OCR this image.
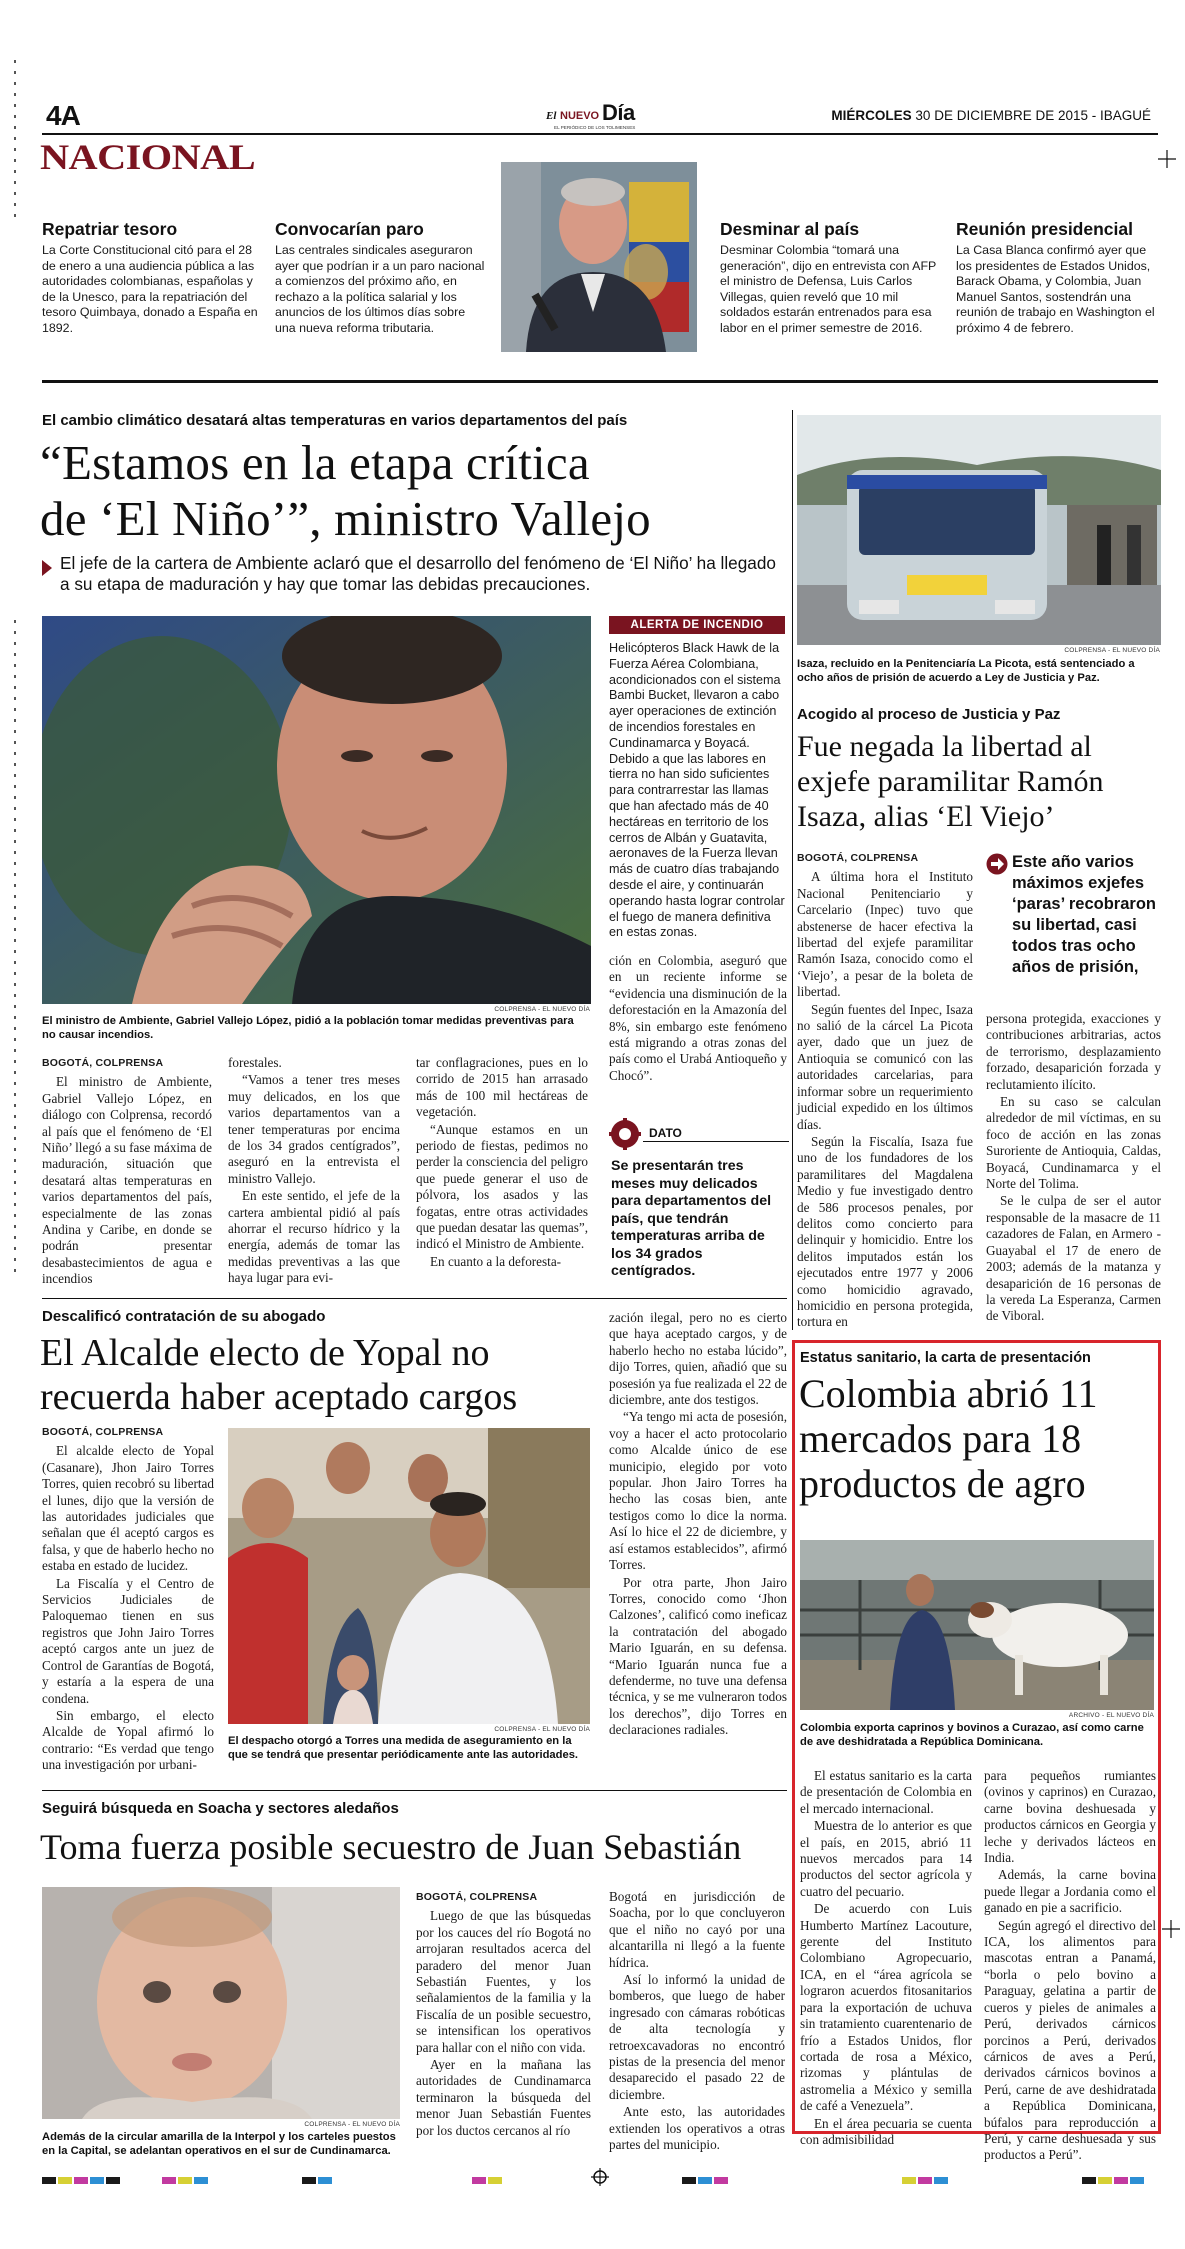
4A	El NUEVO Día
EL PERIÓDICO DE LOS TOLIMENSES
MIÉRCOLES 30 DE DICIEMBRE DE 2015 - IBAGUÉ
NACIONAL
Repatriar tesoro
La Corte Constitucional citó para el 28 de enero a una audiencia pública a las autoridades colombianas, españolas y de la Unesco, para la repatriación del tesoro Quimbaya, donado a España en 1892.
Convocarían paro
Las centrales sindicales aseguraron ayer que podrían ir a un paro nacional a comienzos del próximo año, en rechazo a la política salarial y los anuncios de los últimos días sobre una nueva reforma tributaria.
Desminar al país
Desminar Colombia “tomará una generación”, dijo en entrevista con AFP el ministro de Defensa, Luis Carlos Villegas, quien reveló que 10 mil soldados estarán entrenados para esa labor en el primer semestre de 2016.
Reunión presidencial
La Casa Blanca confirmó ayer que los presidentes de Estados Unidos, Barack Obama, y Colombia, Juan Manuel Santos, sostendrán una reunión de trabajo en Washington el próximo 4 de febrero.
El cambio climático desatará altas temperaturas en varios departamentos del país
“Estamos en la etapa crítica
de ‘El Niño’”, ministro Vallejo
El jefe de la cartera de Ambiente aclaró que el desarrollo del fenómeno de ‘El Niño’ ha llegado a su etapa de maduración y hay que tomar las debidas precauciones.
COLPRENSA - EL NUEVO DÍA
El ministro de Ambiente, Gabriel Vallejo López, pidió a la población tomar medidas preventivas para no causar incendios.
ALERTA DE INCENDIO

Helicópteros Black Hawk de la Fuerza Aérea Colombiana, acondicionados con el sistema Bambi Bucket, llevaron a cabo ayer operaciones de extinción de incendios forestales en Cundinamarca y Boyacá.

Debido a que las labores en tierra no han sido suficientes para contrarrestar las llamas que han afectado más de 40 hectáreas en territorio de los cerros de Albán y Guatavita, aeronaves de la Fuerza llevan más de cuatro días trabajando desde el aire, y continuarán operando hasta lograr controlar el fuego de manera definitiva en estas zonas.

BOGOTÁ, COLPRENSA

El ministro de Ambiente, Gabriel Vallejo López, en diálogo con Colprensa, recordó al país que el fenómeno de ‘El Niño’ llegó a su fase máxima de maduración, situación que desatará altas temperaturas en varios departamentos del país, especialmente de las zonas Andina y Caribe, en donde se podrán presentar desabastecimientos de agua e incendios

forestales.

“Vamos a tener tres meses muy delicados, en los que varios departamentos van a tener temperaturas por encima de los 34 grados centígrados”, aseguró en la entrevista el ministro Vallejo.

En este sentido, el jefe de la cartera ambiental pidió al país ahorrar el recurso hídrico y la energía, además de tomar las medidas preventivas a las que haya lugar para evi-

tar conflagraciones, pues en lo corrido de 2015 han arrasado más de 100 mil hectáreas de vegetación.

“Aunque estamos en un periodo de fiestas, pedimos no perder la consciencia del peligro que puede generar el uso de pólvora, los asados y las fogatas, entre otras actividades que puedan desatar las quemas”, indicó el Ministro de Ambiente.

En cuanto a la deforesta-

ción en Colombia, aseguró que en un reciente informe se “evidencia una disminución de la deforestación en la Amazonía del 8%, sin embargo este fenómeno está migrando a otras zonas del país como el Urabá Antioqueño y Chocó”.

DATO
Se presentarán tres meses muy delicados para departamentos del país, que tendrán temperaturas arriba de los 34 grados centígrados.
COLPRENSA - EL NUEVO DÍA
Isaza, recluido en la Penitenciaría La Picota, está sentenciado a ocho años de prisión de acuerdo a Ley de Justicia y Paz.
Acogido al proceso de Justicia y Paz
Fue negada la libertad al exjefe paramilitar Ramón Isaza, alias ‘El Viejo’
BOGOTÁ, COLPRENSA

A última hora el Instituto Nacional Penitenciario y Carcelario (Inpec) tuvo que abstenerse de hacer efectiva la libertad del exjefe paramilitar Ramón Isaza, conocido como el ‘Viejo’, a pesar de la boleta de libertad.

Según fuentes del Inpec, Isaza no salió de la cárcel La Picota ayer, dado que un juez de Antioquia se comunicó con las autoridades carcelarias, para informar sobre un requerimiento judicial expedido en los últimos días.

Según la Fiscalía, Isaza fue uno de los fundadores de los paramilitares del Magdalena Medio y fue investigado dentro de 586 procesos penales, por delitos como concierto para delinquir y homicidio. Entre los delitos imputados están los ejecutados entre 1977 y 2006 como homicidio agravado, homicidio en persona protegida, tortura en

Este año varios máximos exjefes ‘paras’ recobraron su libertad, casi todos tras ocho años de prisión,

persona protegida, exacciones y contribuciones arbitrarias, actos de terrorismo, desplazamiento forzado, desaparición forzada y reclutamiento ilícito.

En su caso se calculan alrededor de mil víctimas, en su foco de acción en las zonas Suroriente de Antioquia, Caldas, Boyacá, Cundinamarca y el Norte del Tolima.

Se le culpa de ser el autor responsable de la masacre de 11 cazadores de Falan, en Armero - Guayabal el 17 de enero de 2003; además de la matanza y desaparición de 16 personas de la vereda La Esperanza, Carmen de Viboral.

Descalificó contratación de su abogado
El Alcalde electo de Yopal no recuerda haber aceptado cargos
BOGOTÁ, COLPRENSA

El alcalde electo de Yopal (Casanare), Jhon Jairo Torres Torres, quien recobró su libertad el lunes, dijo que la versión de las autoridades judiciales que señalan que él aceptó cargos es falsa, y que de haberlo hecho no estaba en estado de lucidez.

La Fiscalía y el Centro de Servicios Judiciales de Paloquemao tienen en sus registros que John Jairo Torres aceptó cargos ante un juez de Control de Garantías de Bogotá, y estaría a la espera de una condena.

Sin embargo, el electo Alcalde de Yopal afirmó lo contrario: “Es verdad que tengo una investigación por urbani-

COLPRENSA - EL NUEVO DÍA
El despacho otorgó a Torres una medida de aseguramiento en la que se tendrá que presentar periódicamente ante las autoridades.

zación ilegal, pero no es cierto que haya aceptado cargos, y de haberlo hecho no estaba lúcido”, dijo Torres, quien, añadió que su posesión ya fue realizada el 22 de diciembre, ante dos testigos.

“Ya tengo mi acta de posesión, voy a hacer el acto protocolario como Alcalde único de ese municipio, elegido por voto popular. Jhon Jairo Torres ha hecho las cosas bien, ante testigos como lo dice la norma. Así lo hice el 22 de diciembre, y así estamos establecidos”, afirmó Torres.

Por otra parte, Jhon Jairo Torres, conocido como ‘Jhon Calzones’, calificó como ineficaz la contratación del abogado Mario Iguarán, en su defensa. “Mario Iguarán nunca fue a defenderme, no tuve una defensa técnica, y se me vulneraron todos los derechos”, dijo Torres en declaraciones radiales.

Seguirá búsqueda en Soacha y sectores aledaños
Toma fuerza posible secuestro de Juan Sebastián
COLPRENSA - EL NUEVO DÍA
Además de la circular amarilla de la Interpol y los carteles puestos en la Capital, se adelantan operativos en el sur de Cundinamarca.
BOGOTÁ, COLPRENSA

Luego de que las búsquedas por los cauces del río Bogotá no arrojaran resultados acerca del paradero del menor Juan Sebastián Fuentes, y los señalamientos de la familia y la Fiscalía de un posible secuestro, se intensifican los operativos para hallar con el niño con vida.

Ayer en la mañana las autoridades de Cundinamarca terminaron la búsqueda del menor Juan Sebastián Fuentes por los ductos cercanos al río

Bogotá en jurisdicción de Soacha, por lo que concluyeron que el niño no cayó por una alcantarilla ni llegó a la fuente hídrica.

Así lo informó la unidad de bomberos, que luego de haber ingresado con cámaras robóticas de alta tecnología y retroexcavadoras no encontró pistas de la presencia del menor desaparecido el pasado 22 de diciembre.

Ante esto, las autoridades extienden los operativos a otras partes del municipio.

Estatus sanitario, la carta de presentación
Colombia abrió 11 mercados para 18 productos de agro
ARCHIVO - EL NUEVO DÍA
Colombia exporta caprinos y bovinos a Curazao, así como carne de ave deshidratada a República Dominicana.

El estatus sanitario es la carta de presentación de Colombia en el mercado internacional.

Muestra de lo anterior es que el país, en 2015, abrió 11 nuevos mercados para 14 productos del sector agrícola y cuatro del pecuario.

De acuerdo con Luis Humberto Martínez Lacouture, gerente del Instituto Colombiano Agropecuario, ICA, en el “área agrícola se lograron acuerdos fitosanitarios para la exportación de uchuva sin tratamiento cuarentenario de frío a Estados Unidos, flor cortada de rosa a México, rizomas y plántulas de astromelia a México y semilla de café a Venezuela”.

En el área pecuaria se cuenta con admisibilidad

para pequeños rumiantes (ovinos y caprinos) en Curazao, carne bovina deshuesada y productos cárnicos en Georgia y leche y derivados lácteos en India.

Además, la carne bovina puede llegar a Jordania como el ganado en pie a sacrificio.

Según agregó el directivo del ICA, los alimentos para mascotas entran a Panamá, “borla o pelo bovino a Paraguay, gelatina a partir de cueros y pieles de animales a Perú, derivados cárnicos porcinos a Perú, derivados cárnicos de aves a Perú, derivados cárnicos bovinos a Perú, carne de ave deshidratada a República Dominicana, búfalos para reproducción a Perú, y carne deshuesada y sus productos a Perú”.
